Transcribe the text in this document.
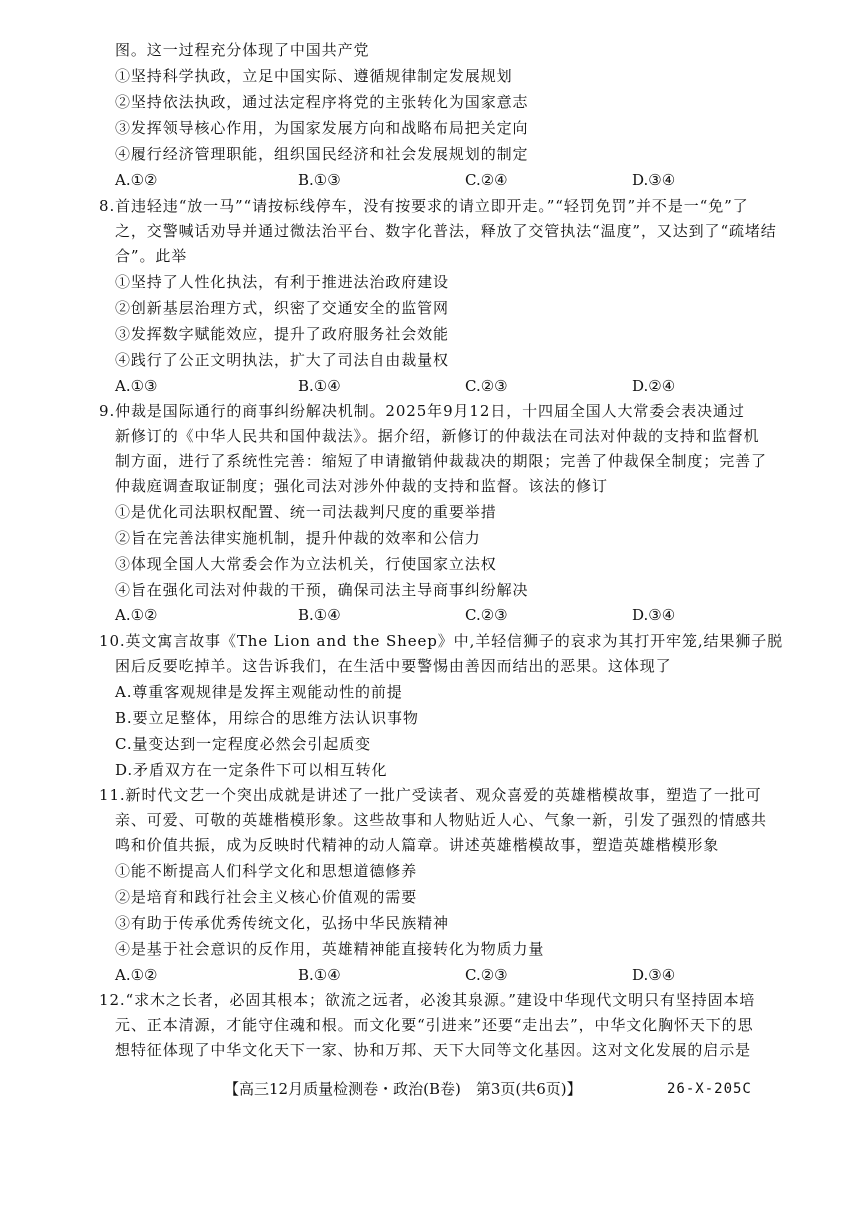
图。这一过程充分体现了中国共产党
①坚持科学执政，立足中国实际、遵循规律制定发展规划
②坚持依法执政，通过法定程序将党的主张转化为国家意志
③发挥领导核心作用，为国家发展方向和战略布局把关定向
④履行经济管理职能，组织国民经济和社会发展规划的制定
A.①②	B.①③	C.②④	D.③④
8.首违轻违“放一马”“请按标线停车，没有按要求的请立即开走。”“轻罚免罚”并不是一“免”了
之，交警喊话劝导并通过微法治平台、数字化普法，释放了交管执法“温度”，又达到了“疏堵结
合”。此举
①坚持了人性化执法，有利于推进法治政府建设
②创新基层治理方式，织密了交通安全的监管网
③发挥数字赋能效应，提升了政府服务社会效能
④践行了公正文明执法，扩大了司法自由裁量权
A.①③	B.①④	C.②③	D.②④
9.仲裁是国际通行的商事纠纷解决机制。2025年9月12日，十四届全国人大常委会表决通过
新修订的《中华人民共和国仲裁法》。据介绍，新修订的仲裁法在司法对仲裁的支持和监督机
制方面，进行了系统性完善：缩短了申请撤销仲裁裁决的期限；完善了仲裁保全制度；完善了
仲裁庭调查取证制度；强化司法对涉外仲裁的支持和监督。该法的修订
①是优化司法职权配置、统一司法裁判尺度的重要举措
②旨在完善法律实施机制，提升仲裁的效率和公信力
③体现全国人大常委会作为立法机关，行使国家立法权
④旨在强化司法对仲裁的干预，确保司法主导商事纠纷解决
A.①②	B.①④	C.②③	D.③④
10.英文寓言故事《The Lion and the Sheep》中,羊轻信狮子的哀求为其打开牢笼,结果狮子脱
困后反要吃掉羊。这告诉我们，在生活中要警惕由善因而结出的恶果。这体现了
A.尊重客观规律是发挥主观能动性的前提
B.要立足整体，用综合的思维方法认识事物
C.量变达到一定程度必然会引起质变
D.矛盾双方在一定条件下可以相互转化
11.新时代文艺一个突出成就是讲述了一批广受读者、观众喜爱的英雄楷模故事，塑造了一批可
亲、可爱、可敬的英雄楷模形象。这些故事和人物贴近人心、气象一新，引发了强烈的情感共
鸣和价值共振，成为反映时代精神的动人篇章。讲述英雄楷模故事，塑造英雄楷模形象
①能不断提高人们科学文化和思想道德修养
②是培育和践行社会主义核心价值观的需要
③有助于传承优秀传统文化，弘扬中华民族精神
④是基于社会意识的反作用，英雄精神能直接转化为物质力量
A.①②	B.①④	C.②③	D.③④
12.“求木之长者，必固其根本；欲流之远者，必浚其泉源。”建设中华现代文明只有坚持固本培
元、正本清源，才能守住魂和根。而文化要“引进来”还要“走出去”，中华文化胸怀天下的思
想特征体现了中华文化天下一家、协和万邦、天下大同等文化基因。这对文化发展的启示是
【高三12月质量检测卷・政治(B卷)　第3页(共6页)】	26-X-205C
